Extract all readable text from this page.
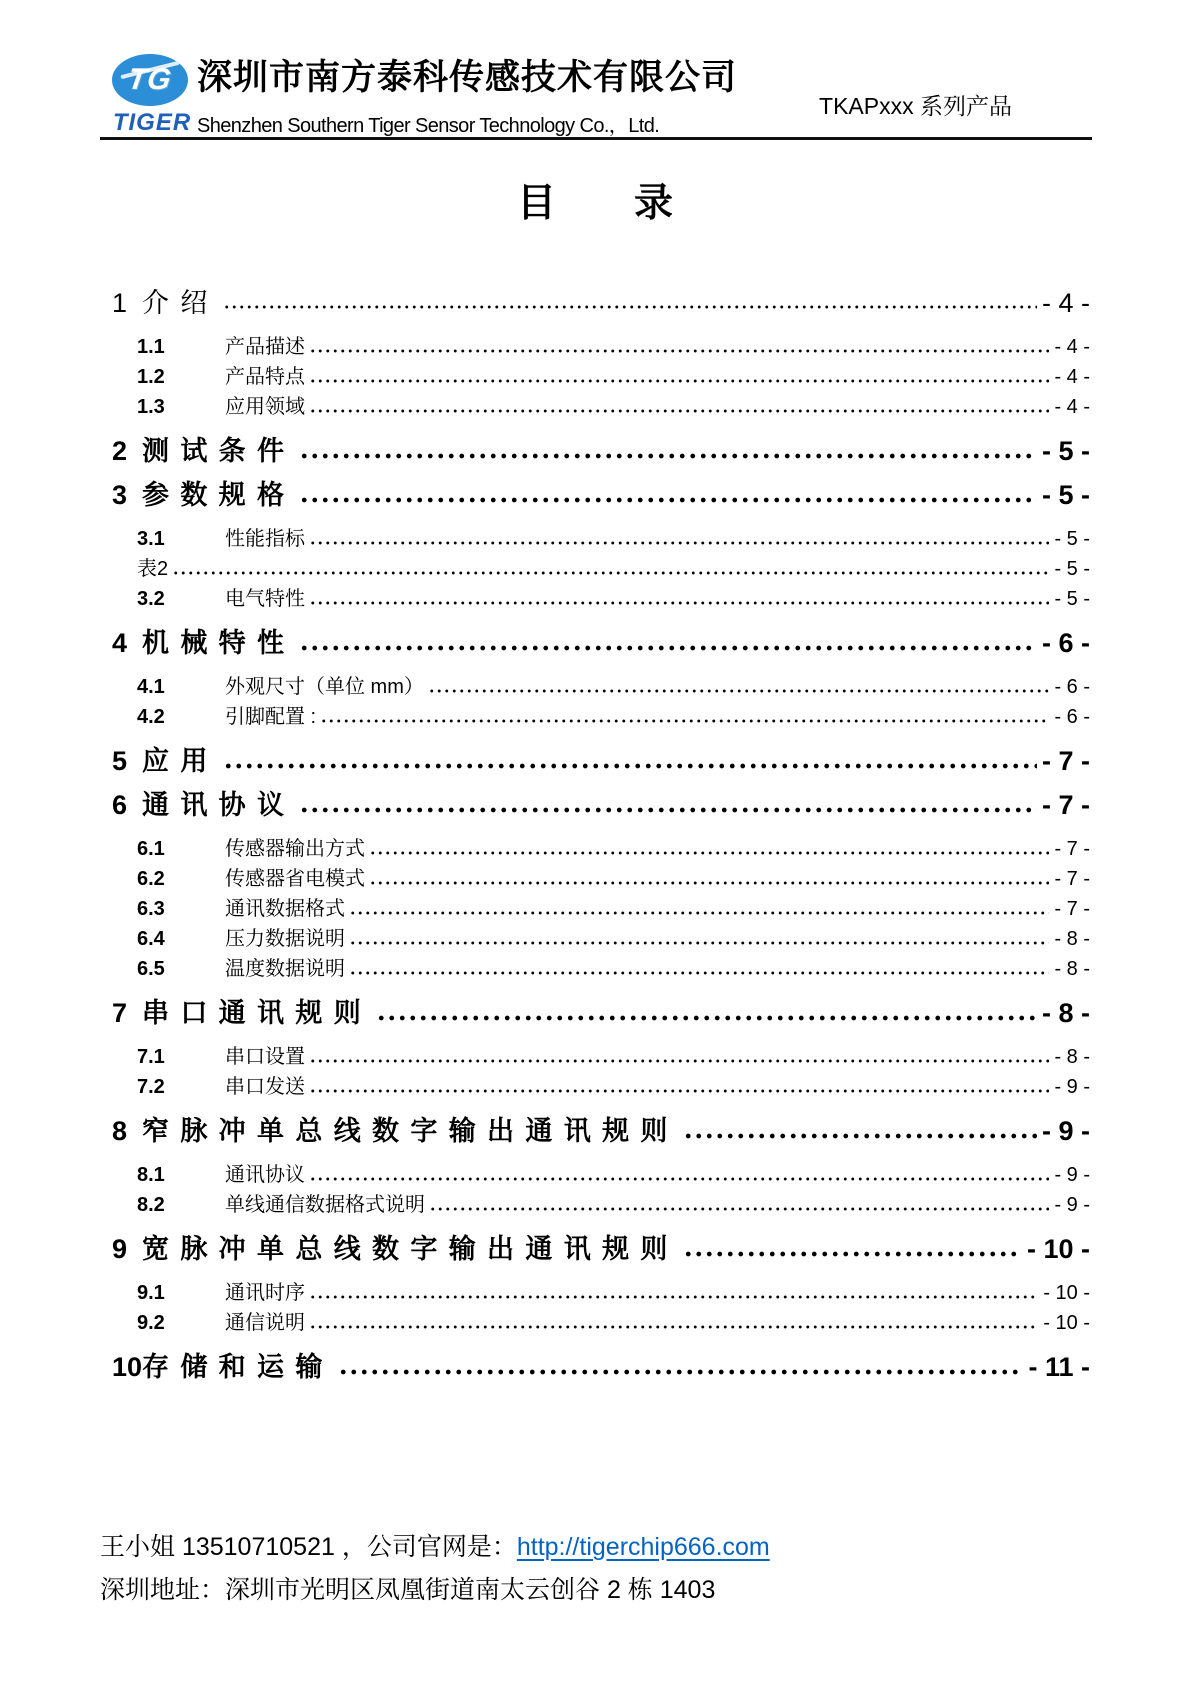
TG
TIGER
深圳市南方泰科传感技术有限公司
Shenzhen Southern Tiger Sensor Technology Co.，Ltd.
TKAPxxx 系列产品
目　　录
1 介绍	- 4 -
1.1	产品描述	- 4 -
1.2	产品特点	- 4 -
1.3	应用领域	- 4 -
2 测试条件	- 5 -
3 参数规格	- 5 -
3.1	性能指标	- 5 -
表2	- 5 -
3.2	电气特性	- 5 -
4 机械特性	- 6 -
4.1	外观尺寸（单位 mm）	- 6 -
4.2	引脚配置 :	- 6 -
5 应用	- 7 -
6 通讯协议	- 7 -
6.1	传感器输出方式	- 7 -
6.2	传感器省电模式	- 7 -
6.3	通讯数据格式	- 7 -
6.4	压力数据说明	- 8 -
6.5	温度数据说明	- 8 -
7 串口通讯规则	- 8 -
7.1	串口设置	- 8 -
7.2	串口发送	- 9 -
8 窄脉冲单总线数字输出通讯规则	- 9 -
8.1	通讯协议	- 9 -
8.2	单线通信数据格式说明	- 9 -
9 宽脉冲单总线数字输出通讯规则	- 10 -
9.1	通讯时序	- 10 -
9.2	通信说明	- 10 -
10 存储和运输	- 11 -
王小姐 13510710521 ，公司官网是：http://tigerchip666.com
深圳地址：深圳市光明区凤凰街道南太云创谷 2 栋 1403
